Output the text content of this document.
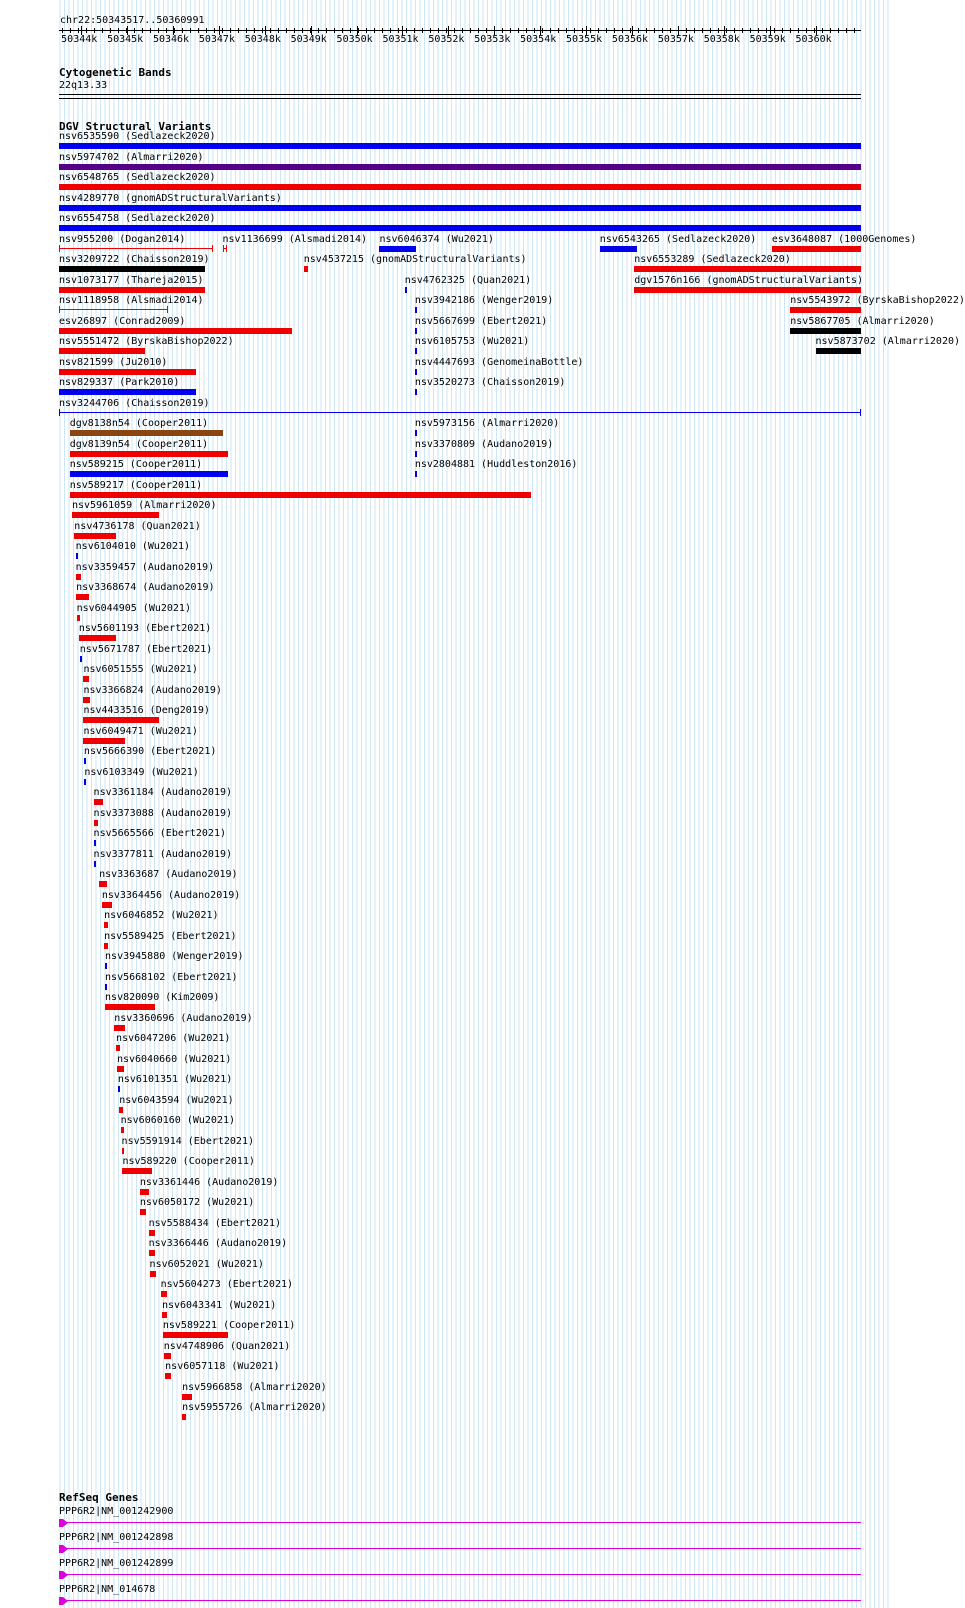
chr22:50343517..50360991
50344k 50345k 50346k 50347k 50348k 50349k 50350k 50351k 50352k 50353k 50354k 50355k 50356k 50357k 50358k 50359k 50360k
Cytogenetic Bands
22q13.33
DGV Structural Variants
nsv6535590 (Sedlazeck2020)
nsv5974702 (Almarri2020)
nsv6548765 (Sedlazeck2020)
nsv4289770 (gnomADStructuralVariants)
nsv6554758 (Sedlazeck2020)
nsv955200 (Dogan2014)	nsv1136699 (Alsmadi2014) nsv6046374 (Wu2021)	nsv6543265 (Sedlazeck2020) esv3648087 (1000Genomes)
nsv3209722 (Chaisson2019)	nsv4537215 (gnomADStructuralVariants)	nsv6553289 (Sedlazeck2020)
nsv1073177 (Thareja2015)	nsv4762325 (Quan2021)	dgv1576n166 (gnomADStructuralVariants)
nsv1118958 (Alsmadi2014)	nsv3942186 (Wenger2019)	nsv5543972 (ByrskaBishop2022)
esv26897 (Conrad2009)	nsv5667699 (Ebert2021)	nsv5867705 (Almarri2020)
nsv5551472 (ByrskaBishop2022)	nsv6105753 (Wu2021)	nsv5873702 (Almarri2020)
nsv821599 (Ju2010)	nsv4447693 (GenomeinaBottle)
nsv829337 (Park2010)	nsv3520273 (Chaisson2019)
nsv3244706 (Chaisson2019)
dgv8138n54 (Cooper2011)	nsv5973156 (Almarri2020)
dgv8139n54 (Cooper2011)	nsv3370809 (Audano2019)
nsv589215 (Cooper2011)	nsv2804881 (Huddleston2016)
nsv589217 (Cooper2011)
nsv5961059 (Almarri2020)
nsv4736178 (Quan2021)
nsv6104010 (Wu2021)
nsv3359457 (Audano2019)
nsv3368674 (Audano2019)
nsv6044905 (Wu2021)
nsv5601193 (Ebert2021)
nsv5671787 (Ebert2021)
nsv6051555 (Wu2021)
nsv3366824 (Audano2019)
nsv4433516 (Deng2019)
nsv6049471 (Wu2021)
nsv5666390 (Ebert2021)
nsv6103349 (Wu2021)
nsv3361184 (Audano2019)
nsv3373088 (Audano2019)
nsv5665566 (Ebert2021)
nsv3377811 (Audano2019)
nsv3363687 (Audano2019)
nsv3364456 (Audano2019)
nsv6046852 (Wu2021)
nsv5589425 (Ebert2021)
nsv3945880 (Wenger2019)
nsv5668102 (Ebert2021)
nsv820090 (Kim2009)
nsv3360696 (Audano2019)
nsv6047206 (Wu2021)
nsv6040660 (Wu2021)
nsv6101351 (Wu2021)
nsv6043594 (Wu2021)
nsv6060160 (Wu2021)
nsv5591914 (Ebert2021)
nsv589220 (Cooper2011)
nsv3361446 (Audano2019)
nsv6050172 (Wu2021)
nsv5588434 (Ebert2021)
nsv3366446 (Audano2019)
nsv6052021 (Wu2021)
nsv5604273 (Ebert2021)
nsv6043341 (Wu2021)
nsv589221 (Cooper2011)
nsv4748906 (Quan2021)
nsv6057118 (Wu2021)
nsv5966858 (Almarri2020)
nsv5955726 (Almarri2020)
RefSeq Genes
PPP6R2|NM_001242900
PPP6R2|NM_001242898
PPP6R2|NM_001242899
PPP6R2|NM_014678
